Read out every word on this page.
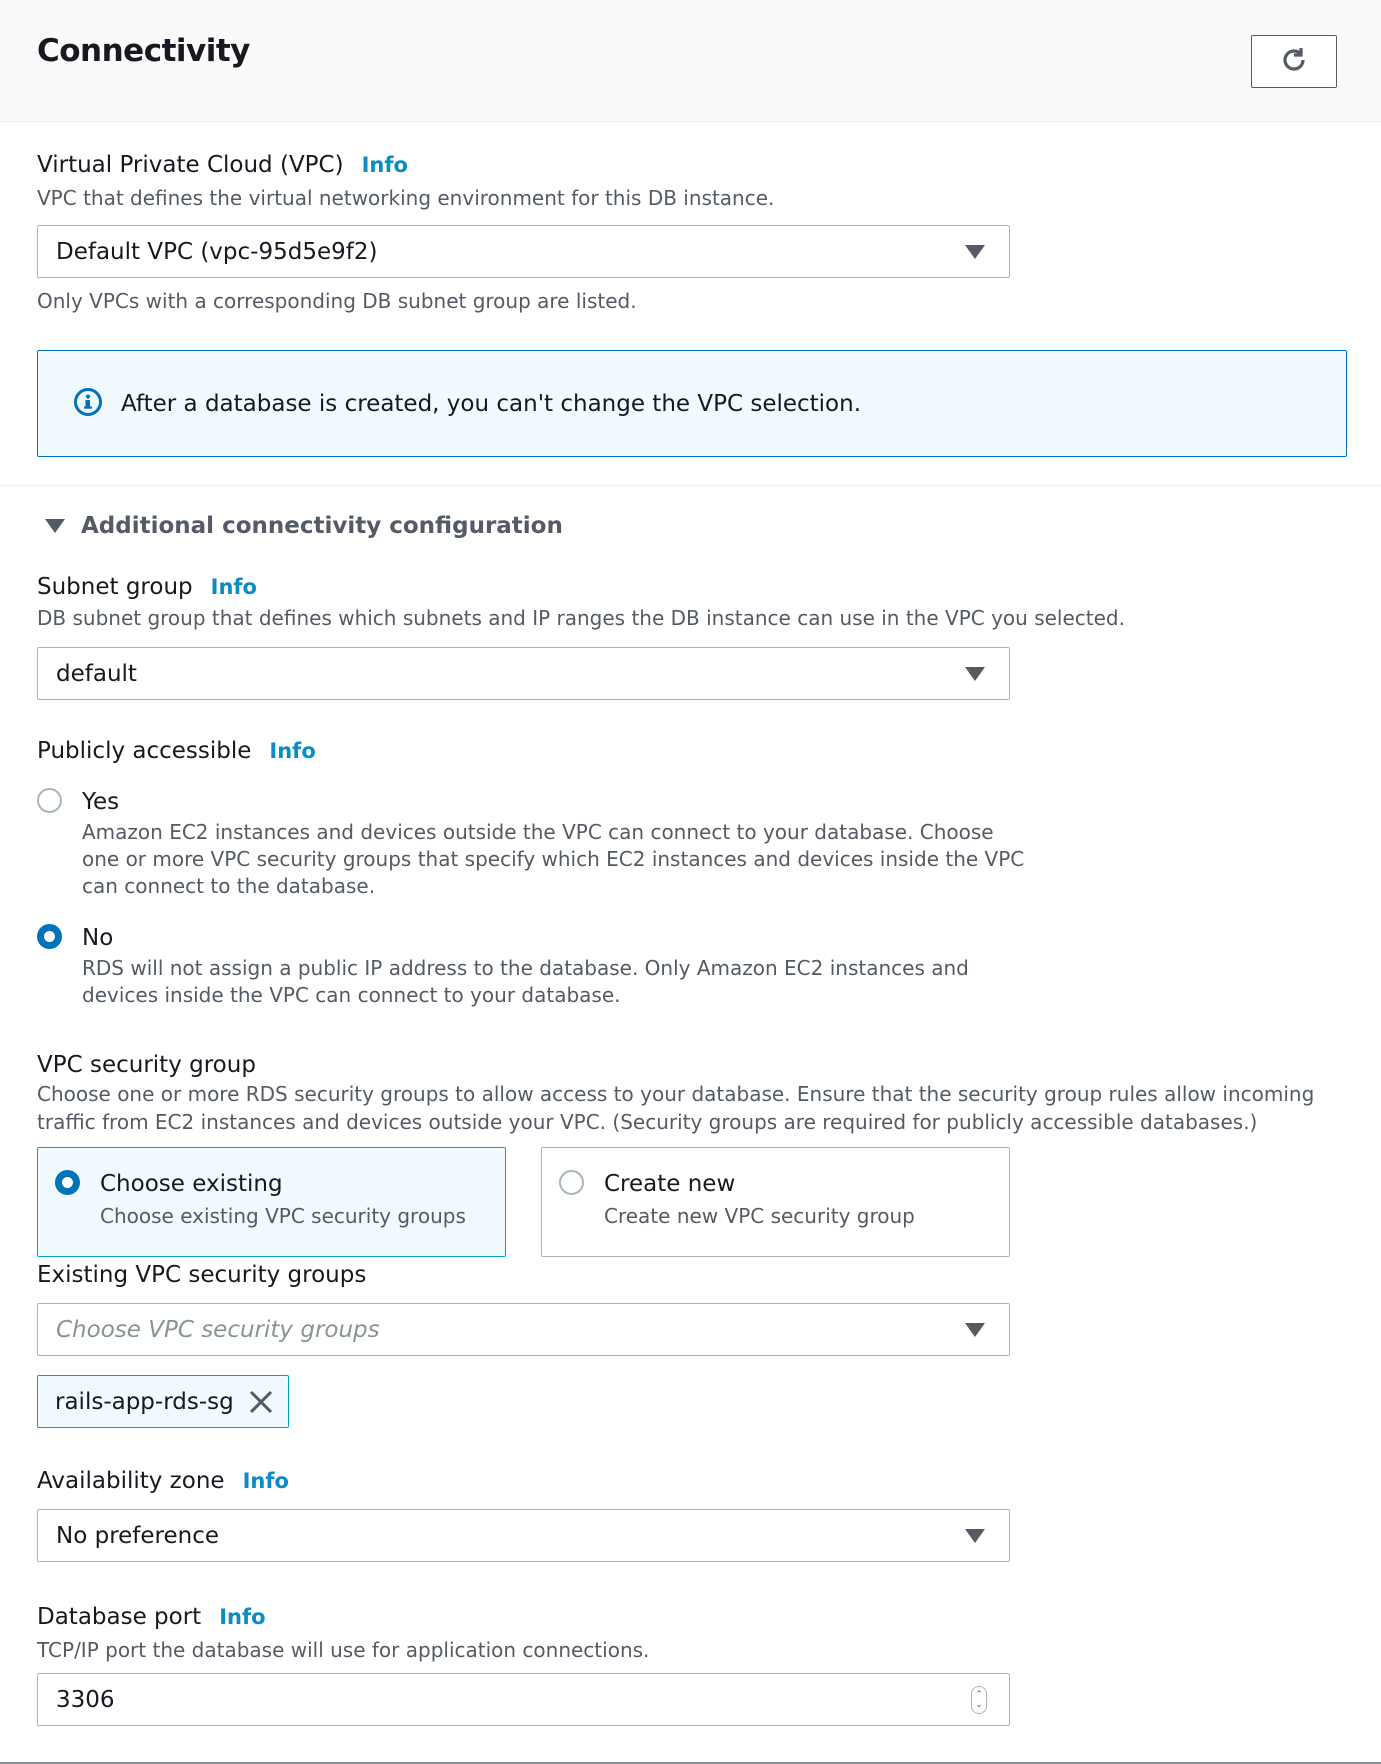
Connectivity
Virtual Private Cloud (VPC) Info
VPC that defines the virtual networking environment for this DB instance.
Default VPC (vpc-95d5e9f2)
Only VPCs with a corresponding DB subnet group are listed.
After a database is created, you can't change the VPC selection.
Additional connectivity configuration
Subnet group Info
DB subnet group that defines which subnets and IP ranges the DB instance can use in the VPC you selected.
default
Publicly accessible Info
Yes
Amazon EC2 instances and devices outside the VPC can connect to your database. Choose one or more VPC security groups that specify which EC2 instances and devices inside the VPC can connect to the database.
No
RDS will not assign a public IP address to the database. Only Amazon EC2 instances and devices inside the VPC can connect to your database.
VPC security group
Choose one or more RDS security groups to allow access to your database. Ensure that the security group rules allow incoming traffic from EC2 instances and devices outside your VPC. (Security groups are required for publicly accessible databases.)
Choose existing
Choose existing VPC security groups
Create new
Create new VPC security group
Existing VPC security groups
Choose VPC security groups
rails-app-rds-sg
Availability zone Info
No preference
Database port Info
TCP/IP port the database will use for application connections.
3306	⌃
⌄
